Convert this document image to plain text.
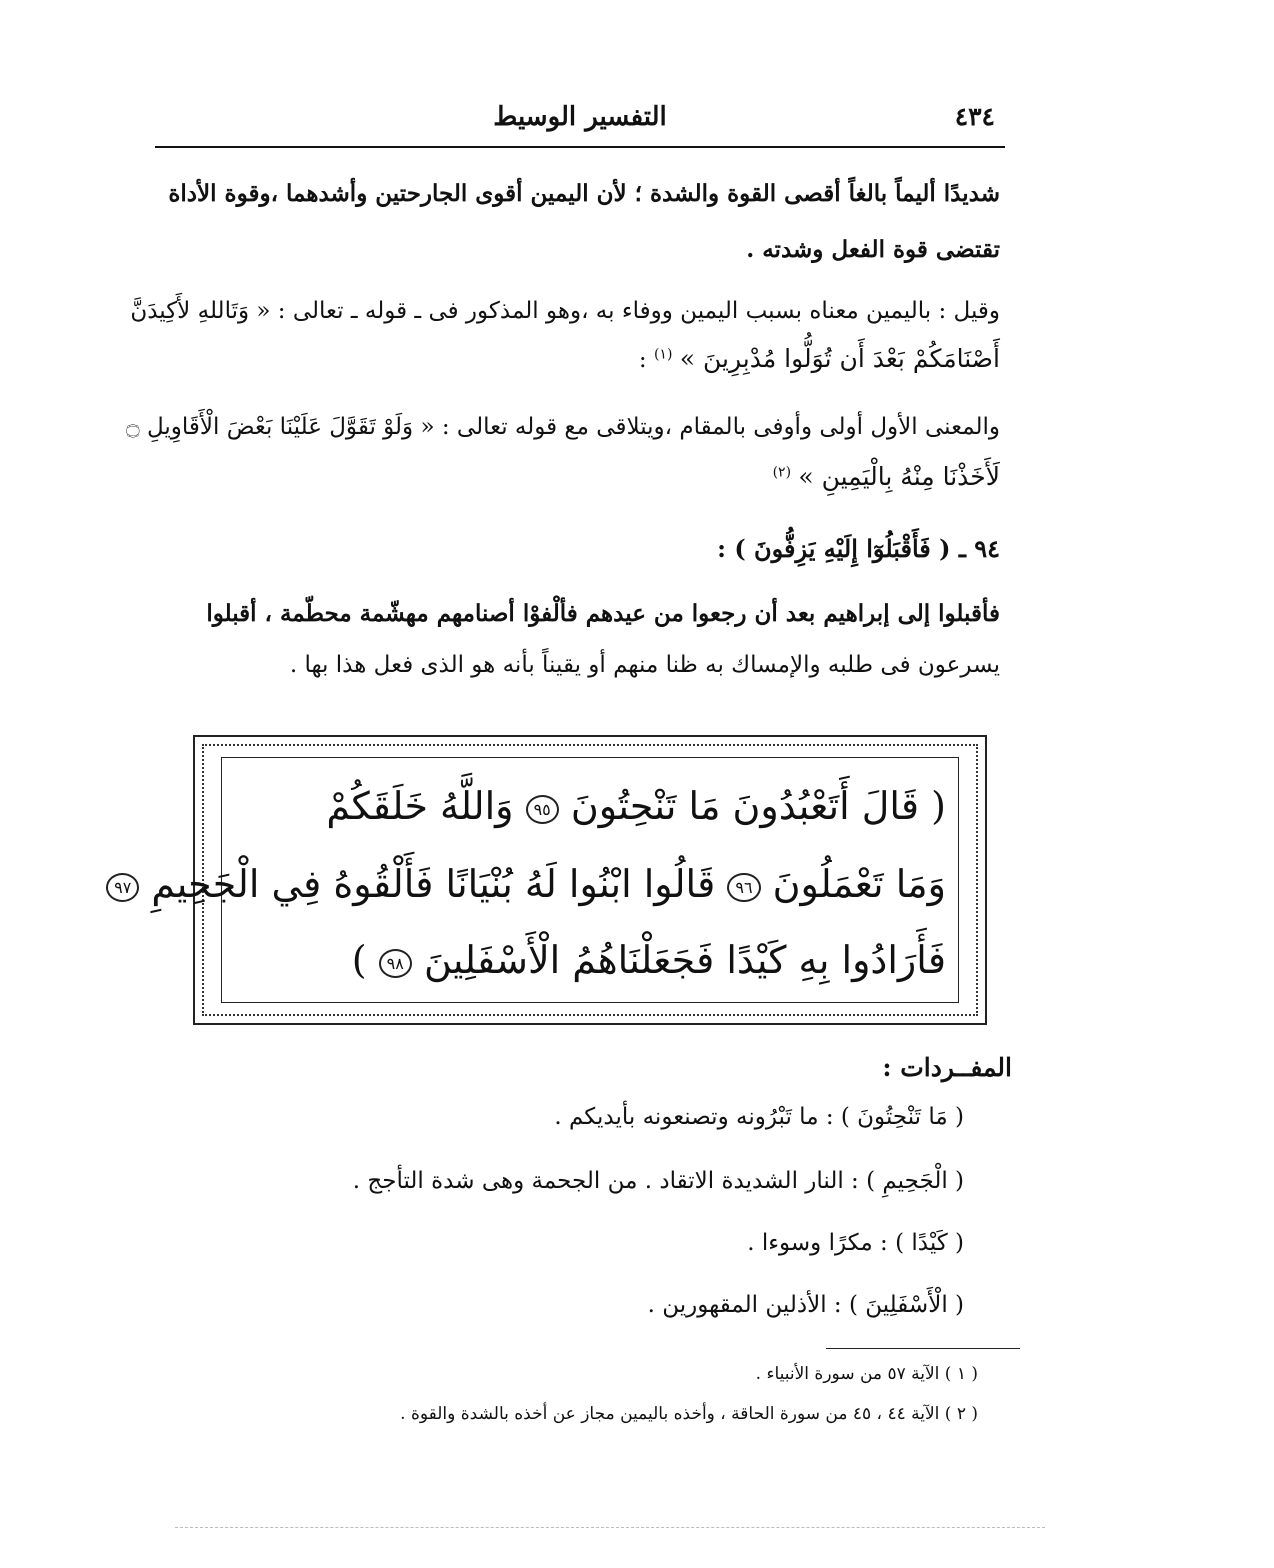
٤٣٤
التفسير الوسيط
شديدًا أليماً بالغاً أقصى القوة والشدة ؛ لأن اليمين أقوى الجارحتين وأشدهما ،وقوة الأداة
تقتضى قوة الفعل وشدته .
وقيل : باليمين معناه بسبب اليمين ووفاء به ،وهو المذكور فى ـ قوله ـ تعالى : « وَتَاللهِ لأَكِيدَنَّ
أَصْنَامَكُمْ بَعْدَ أَن تُوَلُّوا مُدْبِرِينَ » $^{(١)}$ :
والمعنى الأول أولى وأوفى بالمقام ،ويتلاقى مع قوله تعالى : « وَلَوْ تَقَوَّلَ عَلَيْنَا بَعْضَ الْأَقَاوِيلِ ۝
لَأَخَذْنَا مِنْهُ بِالْيَمِينِ » $^{(٢)}$
٩٤ ـ ( فَأَقْبَلُوٓا إِلَيْهِ يَزِفُّونَ ) :
فأقبلوا إلى إبراهيم بعد أن رجعوا من عيدهم فألْفوْا أصنامهم مهشّمة محطّمة ، أقبلوا
يسرعون فى طلبه والإمساك به ظنا منهم أو يقيناً بأنه هو الذى فعل هذا بها .
( قَالَ أَتَعْبُدُونَ مَا تَنْحِتُونَ ٩٥ وَاللَّهُ خَلَقَكُمْ
وَمَا تَعْمَلُونَ ٩٦ قَالُوا ابْنُوا لَهُ بُنْيَانًا فَأَلْقُوهُ فِي الْجَحِيمِ ٩٧
فَأَرَادُوا بِهِ كَيْدًا فَجَعَلْنَاهُمُ الْأَسْفَلِينَ ٩٨ )
المفــردات :
( مَا تَنْحِتُونَ ) : ما تَبْرُونه وتصنعونه بأيديكم .
( الْجَحِيمِ ) : النار الشديدة الاتقاد . من الجحمة وهى شدة التأجج .
( كَيْدًا ) : مكرًا وسوءا .
( الْأَسْفَلِينَ ) : الأذلين المقهورين .
( ١ ) الآية ٥٧ من سورة الأنبياء .
( ٢ ) الآية ٤٤ ، ٤٥ من سورة الحاقة ، وأخذه باليمين مجاز عن أخذه بالشدة والقوة .
